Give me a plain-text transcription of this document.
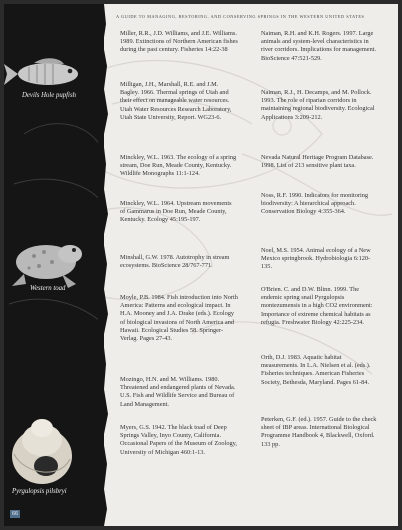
Devils Hole pupfish
Western toad
Pyrgulopsis pilsbryi
A GUIDE TO MANAGING, RESTORING, AND CONSERVING SPRINGS IN THE WESTERN UNITED STATES
Miller, R.R., J.D. Williams, and J.E. Williams. 1989. Extinctions of Northern American fishes during the past century. Fisheries 14:22-38
Milligan, J.H., Marshall, R.E. and J.M. Bagley. 1966. Thermal springs of Utah and their effect on manageable water resources. Utah Water Resources Research Laboratory, Utah State University, Report. WG23-6.
Minckley, W.L. 1963. The ecology of a spring stream, Doe Run, Meade County, Kentucky. Wildlife Monographs 11:1-124.
Minckley, W.L. 1964. Upstream movements of Gammarus in Doe Run, Meade County, Kentucky. Ecology 45:195-197.
Minshall, G.W. 1978. Autotrophy in stream ecosystems. BioScience 28/767-771.
Moyle, P.B. 1984. Fish introduction into North America: Patterns and ecological impact. In H.A. Mooney and J.A. Drake (eds.). Ecology of biological invasions of North America and Hawaii. Ecological Studies 58. Springer-Verlag. Pages 27-43.
Mozingo, H.N. and M. Williams. 1980. Threatened and endangered plants of Nevada. U.S. Fish and Wildlife Service and Bureau of Land Management.
Myers, G.S. 1942. The black toad of Deep Springs Valley, Inyo County, California. Occasional Papers of the Museum of Zoology, University of Michigan 460:1-13.
Naiman, R.H. and K.H. Rogers. 1997. Large animals and system-level characteristics in river corridors. Implications for management. BioScience 47:521-529.
Naiman, R.J., H. Decamps, and M. Pollock. 1993. The role of riparian corridors in maintaining regional biodiversity. Ecological Applications 3:209-212.
Nevada Natural Heritage Program Database. 1998. List of 213 sensitive plant taxa.
Noss, R.F. 1990. Indicators for monitoring biodiversity: A hierarchical approach. Conservation Biology 4:355-364.
Noel, M.S. 1954. Animal ecology of a New Mexico springbrook. Hydrobiologia 6:120-135.
O'Brien. C. and D.W. Blinn. 1999. The endemic spring snail Pyrgulopsis montezumensis in a high CO2 environment: Importance of extreme chemical habitats as refugia. Freshwater Biology 42:225-234.
Orth, D.J. 1983. Aquatic habitat measurements. In L.A. Nielsen et al. (eds.). Fisheries techniques. American Fisheries Society, Bethesda, Maryland. Pages 61-84.
Peterken, G.F. (ed.). 1957. Guide to the check sheet of IBP areas. International Biological Programme Handbook 4, Blackwell, Oxford. 133 pp.
66
